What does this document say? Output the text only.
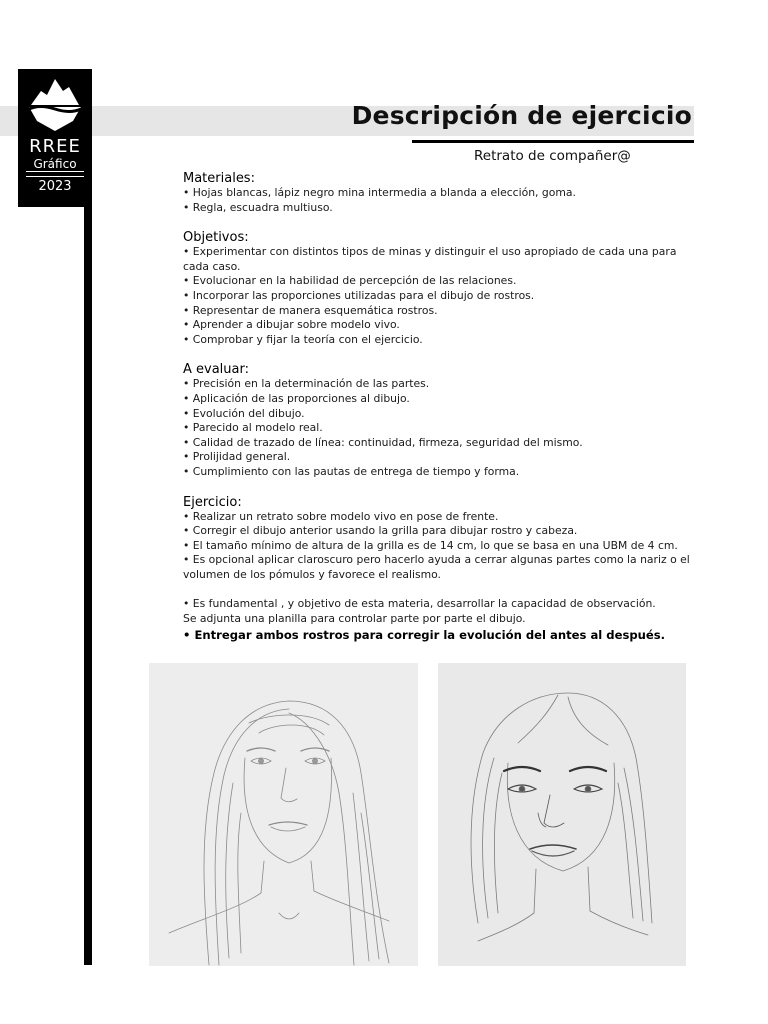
RREE
Gráfico
2023
Descripción de ejercicio
Retrato de compañer@
Materiales:
• Hojas blancas, lápiz negro mina intermedia a blanda a elección, goma.
• Regla, escuadra multiuso.
Objetivos:
• Experimentar con distintos tipos de minas y distinguir el uso apropiado de cada una para cada caso.
• Evolucionar en la habilidad de percepción de las relaciones.
• Incorporar las proporciones utilizadas para el dibujo de rostros.
• Representar de manera esquemática rostros.
• Aprender a dibujar sobre modelo vivo.
• Comprobar y fijar la teoría con el ejercicio.
A evaluar:
• Precisión en la determinación de las partes.
• Aplicación de las proporciones al dibujo.
• Evolución del dibujo.
• Parecido al modelo real.
• Calidad de trazado de línea: continuidad, firmeza, seguridad del mismo.
• Prolijidad general.
• Cumplimiento con las pautas de entrega de tiempo y forma.
Ejercicio:
• Realizar un retrato sobre modelo vivo en pose de frente.
• Corregir el dibujo anterior usando la grilla para dibujar rostro y cabeza.
• El tamaño mínimo de altura de la grilla es de 14 cm, lo que se basa en una UBM de 4 cm.
• Es opcional aplicar claroscuro pero hacerlo ayuda a cerrar algunas partes como la nariz o el volumen de los pómulos y favorece el realismo.
• Es fundamental , y objetivo de esta materia, desarrollar la capacidad de observación.
Se adjunta una planilla para controlar parte por parte el dibujo.
• Entregar ambos rostros para corregir la evolución del antes al después.
